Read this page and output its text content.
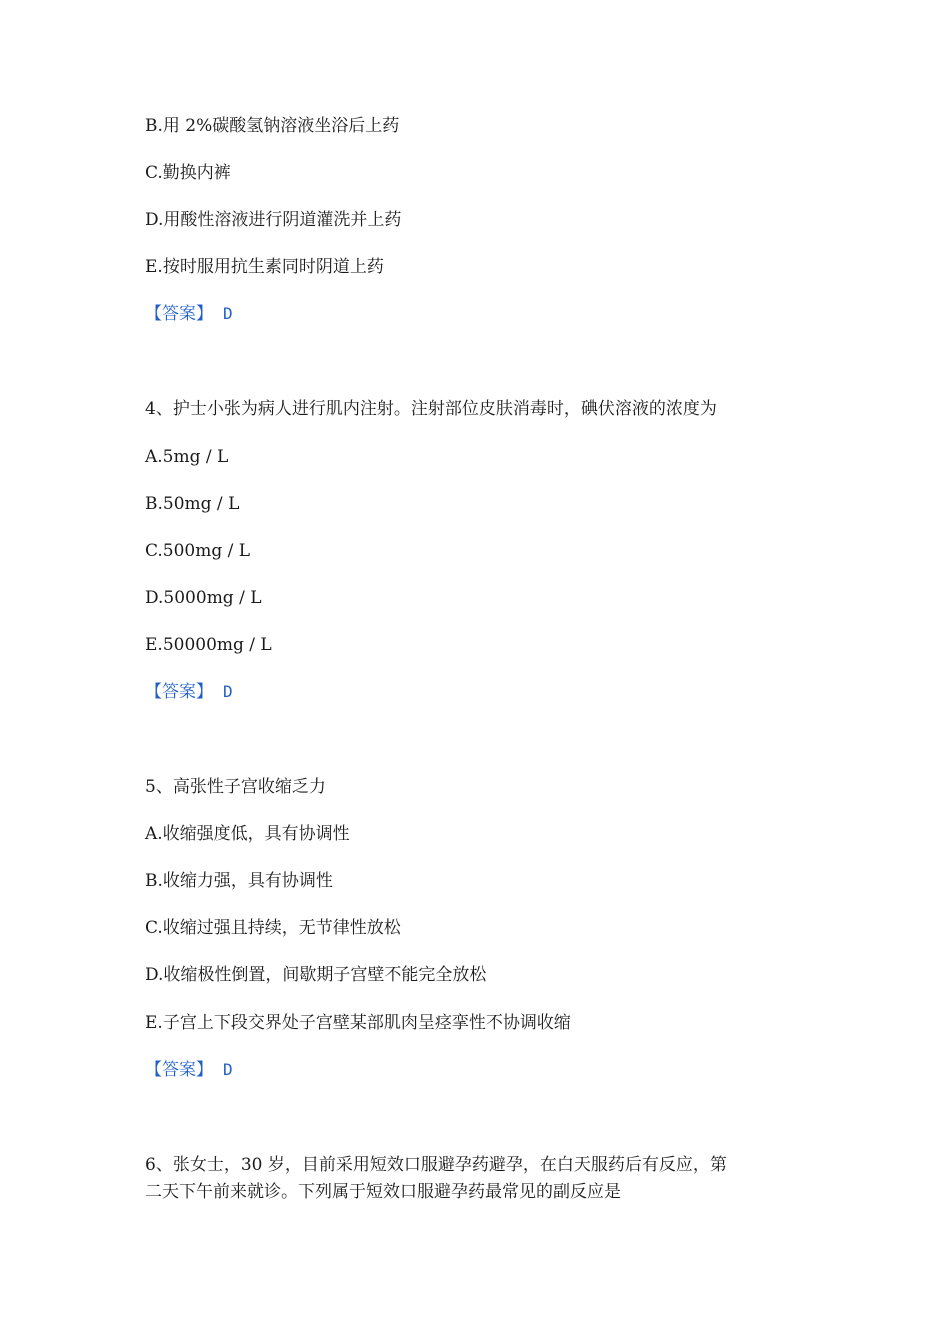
B.用 2%碳酸氢钠溶液坐浴后上药

C.勤换内裤

D.用酸性溶液进行阴道灌洗并上药

E.按时服用抗生素同时阴道上药

【答案】 D

4、护士小张为病人进行肌内注射。注射部位皮肤消毒时，碘伏溶液的浓度为

A.5mg / L

B.50mg / L

C.500mg / L

D.5000mg / L

E.50000mg / L

【答案】 D

5、高张性子宫收缩乏力

A.收缩强度低，具有协调性

B.收缩力强，具有协调性

C.收缩过强且持续，无节律性放松

D.收缩极性倒置，间歇期子宫壁不能完全放松

E.子宫上下段交界处子宫壁某部肌肉呈痉挛性不协调收缩

【答案】 D

6、张女士，30 岁，目前采用短效口服避孕药避孕，在白天服药后有反应，第

二天下午前来就诊。下列属于短效口服避孕药最常见的副反应是
